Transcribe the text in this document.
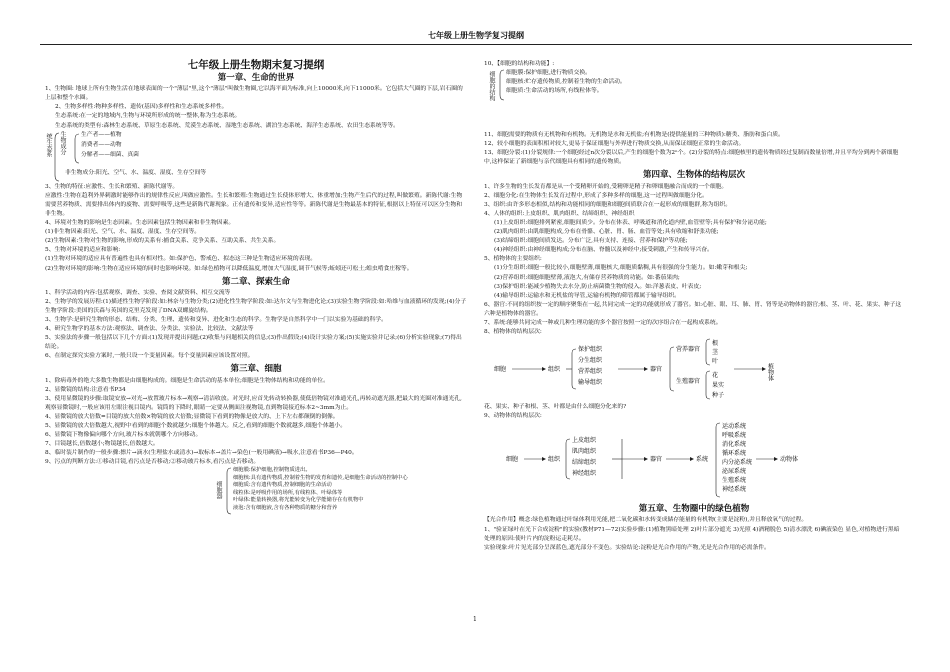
七年级上册生物学复习提纲
七年级上册生物期末复习提纲
第一章、生命的世界
1、生物圈: 地球上所有生物生活在地球表面的一个"薄层"里,这个"薄层"叫做生物圈,它以海平面为标准,向上10000米,向下11000米。它包括大气圈的下层,岩石圈的上层和整个水圈。
2、生物多样性:物种多样性、遗传(基因)多样性和生态系统多样性。
生态系统:在一定的地域内,生物与环境所形成的统一整体,称为生态系统。
生态系统的类型有:森林生态系统、草原生态系统、荒漠生态系统、湿地生态系统、湖泊生态系统、海洋生态系统、农田生态系统等等。
统生态系 生物成分	生产者——植物
消费者——动物
分解者——细菌、真菌
非生物成分:阳光、空气、水、温度、湿度、生存空间等
3、生物的特征:应激性、生长和繁殖、新陈代谢等。
应激性:生物在趋利外界刺激时能够作出的规律性反应,叫做应激性。生长和繁殖:生物通过生长使体形增大、体重增加;生物产生后代的过程,叫做繁殖。新陈代谢:生物需要营养物质、需要排出体内的废物、需要呼吸等,这些是新陈代谢现象。正有遗传和变异,适应性等等。新陈代谢是生物最基本的特征,根据以上特征可以区分生物和非生物。
4、环境对生物的影响是生态因素。生态因素包括生物因素和非生物因素。
(1)非生物因素:阳光、空气、水、温度、湿度、生存空间等。
(2)生物因素:生物对生物的影响,形成的关系有:捕食关系、竞争关系、互助关系、共生关系。
5、生物对环境的适应和影响:
(1)生物对环境的适应具有普遍性也具有相对性。如:保护色、警戒色、拟态这三种是生物适应环境的表现。
(2)生物对环境的影响:生物在适应环境的同时也影响环境。如:绿色植物可以降低温度,增加大气湿度,调节气候等;蚯蚓还可松土;蝗虫啃食庄稼等。
第二章、探索生命
1、科学活动的内容:包括观察、调查、实验、查阅文献资料、相互交流等
2、生物学的发展历程:(1)描述性生物学阶段:如:林奈与生物分类;(2)进化性生物学阶段:如:达尔文与生物进化论;(3)实验生物学阶段:如:哈维与血液循环的发现;(4)分子生物学阶段:美国的沃森与英国的克里克发现了DNA双螺旋结构。
3、生物学:是研究生物的形态、结构、分类、生理、遗传和变异、进化和生态的科学。生物学是自然科学中一门以实验为基础的科学。
4、研究生物学的基本方法:观察法、调查法、分类法、实验法、比较法、文献法等
5、实验法的步骤一般包括以下几个方面:(1)发现并提出问题;(2)收集与问题相关的信息;(3)作出假设;(4)设计实验方案;(5)实施实验并记录;(6)分析实验现象;(7)得出结论。
6、在制定探究实验方案时,一般只设一个变量因素。每个变量因素应该设置对照。
第三章、细胞
1、除病毒外的绝大多数生物都是由细胞构成的。细胞是生命活动的基本单位;细胞是生物体结构和功能的单位。
2、显微镜的结构:注意看书P34
3、使用显微镜的步骤:取镜安放→对光→放置玻片标本→观察→清洁收放。对光时,应首先转动转换器,使低倍物镜对准通光孔,再转动遮光器,把最大的光圈对准通光孔,观察显微镜时,一般应该用左眼注视目镜内。镜筒的下降时,眼睛一定要从侧面注视物镜,直到物镜接近标本2~3mm为止。
4、显微镜的放大倍数=目镜的放大倍数×物镜的放大倍数;显微镜下看到的物像是放大的、上下左右都颠倒的倒像。
5、显微镜的放大倍数越大,视野中看到的细胞个数就越少;细胞个体越大。反之,看到的细胞个数就越多,细胞个体越小。
6、显微镜下物像偏向哪个方向,玻片标本就朝哪个方向移动。
7、目镜越长,倍数越小;物镜越长,倍数越大。
8、临时装片制作的一般步骤:擦片→滴水(生理盐水或清水)→取标本→盖片→染色(一般用碘液)→吸水,注意看书P36—P40。
9、污点的判断方法:①移动目镜,看污点是否移动;②移动玻片标本,看污点是否移动。
细胞器
细胞膜:保护细胞,控制物质进出。
细胞核:具有遗传物质,控制着生物的发育和遗传,是细胞生命活动的控制中心
细胞质:含有遗传物质,控制细胞的生命活动
线粒体:是呼吸作用的场所,有线粒体、叶绿体等
叶绿体:能量转换器,将光能转变为化学能储存在有机物中
液泡:含有细胞液,含有各种物质的糖分和营养
10、【细胞的结构和功能】:
细胞的结构 细胞膜:保护细胞,进行物质交换。
细胞核:贮存遗传物质,控制着生物的生命活动。
细胞质:生命活动的场所,有线粒体等。
11、细胞需要的物质有无机物和有机物。无机物是水和无机盐;有机物是(提供能量的三种物质):糖类、脂肪和蛋白质。
12、较小细胞的表面积相对较大,更易于保证细胞与外界进行物质交换,从而保证细胞正常的生命活动。
13、细胞分裂:(1)分裂规律:一个细胞经过n次分裂以后,产生的细胞个数为2ⁿ个。(2)分裂的特点:细胞核里的遗传物质经过复制而数量倍增,并且平均分到两个新细胞中,这样保证了新细胞与亲代细胞具有相同的遗传物质。
第四章、生物体的结构层次
1、许多生物的生长发育都是从一个受精卵开始的,受精卵是精子和卵细胞融合而成的一个细胞。
2、细胞分化:在生物体生长发育过程中,形成了多种多样的细胞,这一过程叫做细胞分化。
3、组织:由许多形态相似,结构和功能相同的细胞和细胞间质联合在一起形成的细胞群,称为组织。
4、人体的组织:上皮组织、肌肉组织、结缔组织、神经组织
(1)上皮组织:细胞排列紧密,细胞间质少。分布在体表、呼吸道和消化道内壁,血管壁等;具有保护和分泌功能;
(2)肌肉组织:由肌细胞构成,分布在骨骼、心脏、胃、肠、血管等处;具有收缩和舒张功能;
(3)结缔组织:细胞间质发达。分布广泛,具有支持、连接、营养和保护等功能;
(4)神经组织:由神经细胞构成;分布在脑、脊髓以及神经中;接受刺激,产生和传导兴奋。
5、植物体的主要组织:
(1)分生组织:细胞一般比较小,细胞壁薄,细胞核大,细胞质黏稠,具有很强的分生能力。如:嫩芽和根尖;
(2)营养组织:细胞细胞壁薄,液泡大,有储存营养物质的功能。如:番茄果肉;
(3)保护组织:能减少植物失去水分,防止病菌微生物的侵入。如:洋葱表皮、叶表皮;
(4)输导组织:运输水和无机盐的导管,运输有机物的筛管都属于输导组织。
6、器官:不同的组织按一定的顺序聚集在一起,共同完成一定的功能就形成了器官。如:心脏、眼、耳、肺、胃、肾等是动物体的器官;根、茎、叶、花、果实、种子这六种是植物体的器官。
7、系统:能够共同完成一种或几种生理功能的多个器官按照一定的次序组合在一起构成系统。
8、植物体的结构层次:
细胞	组织
保护组织
分生组织
营养组织
输导组织
器官
营养器官
生殖器官
根
茎
叶
花
果实
种子
植物体
花、果实、种子和根、茎、叶都是由什么细胞分化来的?
9、动物体的结构层次:
细胞	组织
上皮组织
肌肉组织
结缔组织
神经组织
器官	系统
运动系统
呼吸系统
消化系统
循环系统
内分泌系统
泌尿系统
生殖系统
神经系统
动物体
第五章、生物圈中的绿色植物
【光合作用】概念:绿色植物通过叶绿体利用光能,把二氧化碳和水转变成储存能量的有机物(主要是淀粉),并且释放氧气的过程。
1、"验证绿叶在光下合成淀粉"的实验(教材P71—72)实验步骤:(1)植物黑暗处理 2)叶片部分遮光 3)光照 4)酒精脱色 5)清水漂洗 6)碘液染色 显色,对植物进行黑暗处理的原因:使叶片内的淀粉运走耗尽。
实验现象:叶片见光部分呈深蓝色,遮光部分不变色。实验结论:淀粉是光合作用的产物,光是光合作用的必需条件。
1
